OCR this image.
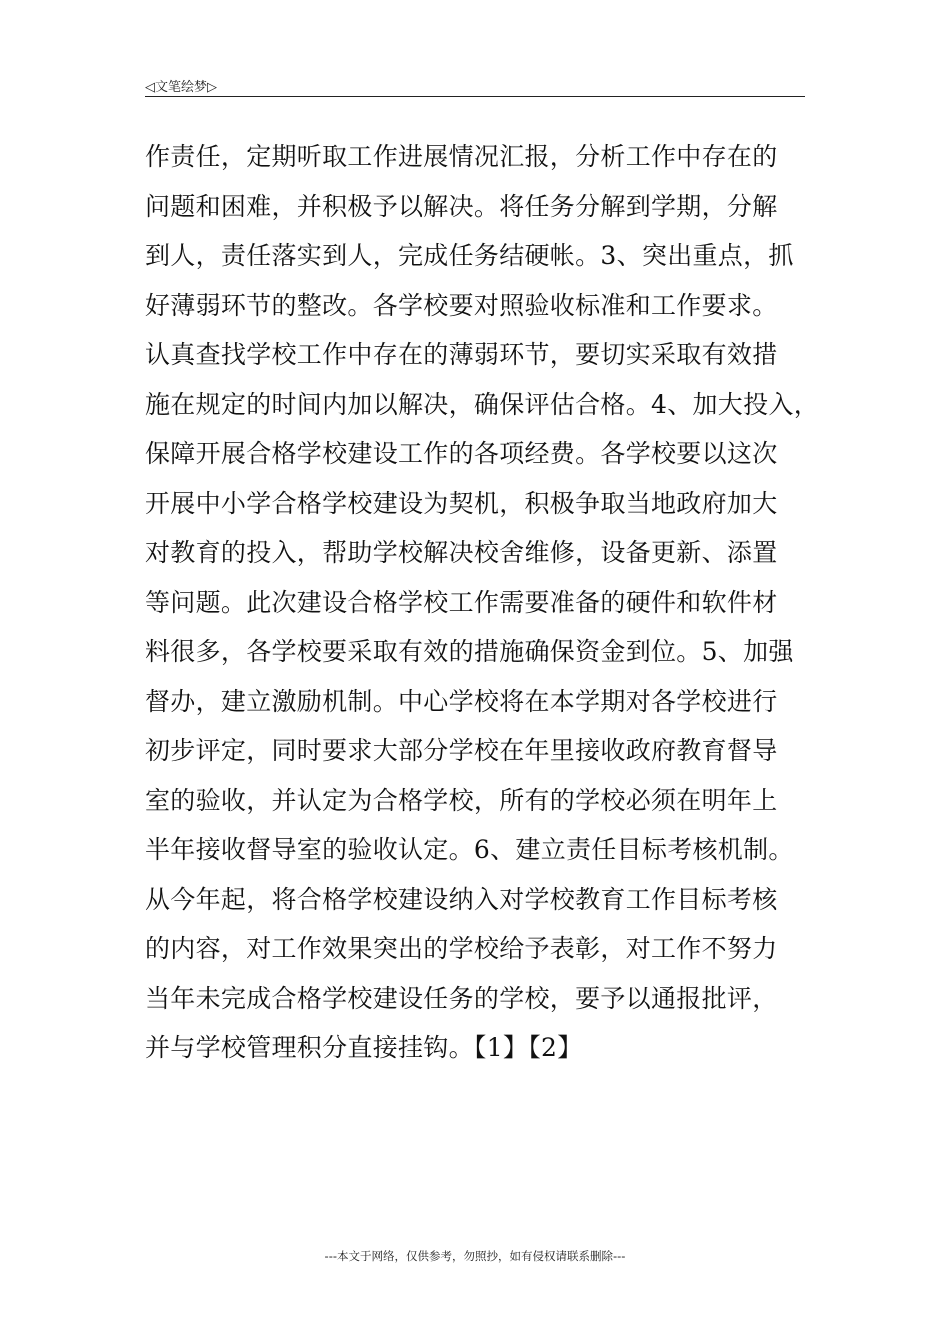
◁文笔绘梦▷
作责任，定期听取工作进展情况汇报，分析工作中存在的
问题和困难，并积极予以解决。将任务分解到学期，分解
到人，责任落实到人，完成任务结硬帐。3、突出重点，抓
好薄弱环节的整改。各学校要对照验收标准和工作要求。
认真查找学校工作中存在的薄弱环节，要切实采取有效措
施在规定的时间内加以解决，确保评估合格。4、加大投入，
保障开展合格学校建设工作的各项经费。各学校要以这次
开展中小学合格学校建设为契机，积极争取当地政府加大
对教育的投入，帮助学校解决校舍维修，设备更新、添置
等问题。此次建设合格学校工作需要准备的硬件和软件材
料很多，各学校要采取有效的措施确保资金到位。5、加强
督办，建立激励机制。中心学校将在本学期对各学校进行
初步评定，同时要求大部分学校在年里接收政府教育督导
室的验收，并认定为合格学校，所有的学校必须在明年上
半年接收督导室的验收认定。6、建立责任目标考核机制。
从今年起，将合格学校建设纳入对学校教育工作目标考核
的内容，对工作效果突出的学校给予表彰，对工作不努力
当年未完成合格学校建设任务的学校，要予以通报批评，
并与学校管理积分直接挂钩。【1】【2】
---本文于网络，仅供参考，勿照抄，如有侵权请联系删除---
